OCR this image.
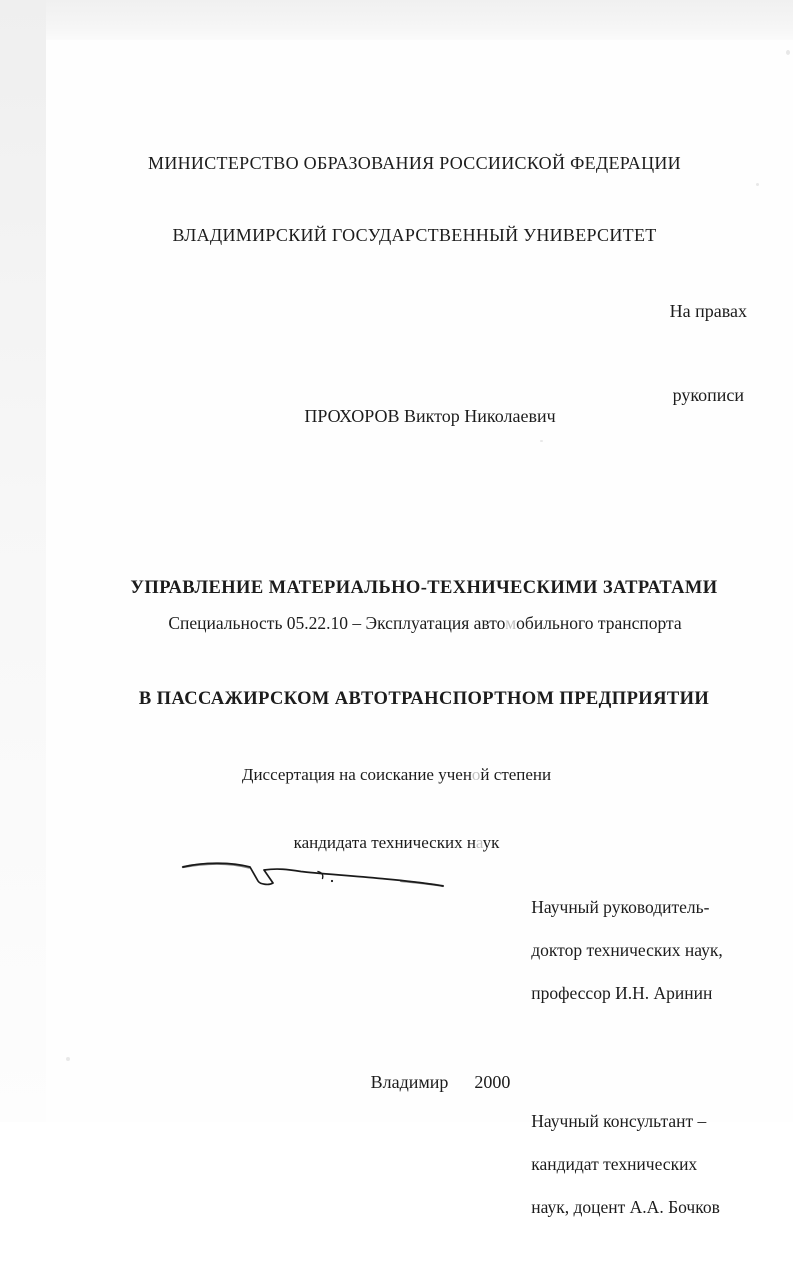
МИНИСТЕРСТВО ОБРАЗОВАНИЯ РОССИИСКОЙ ФЕДЕРАЦИИ

ВЛАДИМИРСКИЙ ГОСУДАРСТВЕННЫЙ УНИВЕРСИТЕТ

На правах

рукописи

ПРОХОРОВ Виктор Николаевич

УПРАВЛЕНИЕ МАТЕРИАЛЬНО-ТЕХНИЧЕСКИМИ ЗАТРАТАМИ

В ПАССАЖИРСКОМ АВТОТРАНСПОРТНОМ ПРЕДПРИЯТИИ

Специальность 05.22.10 – Эксплуатация автомобильного транспорта

Диссертация на соискание ученой степени

кандидата технических наук

Научный руководитель-

доктор технических наук,

профессор И.Н. Аринин

Научный консультант –

кандидат технических

наук, доцент А.А. Бочков

Владимир 2000
